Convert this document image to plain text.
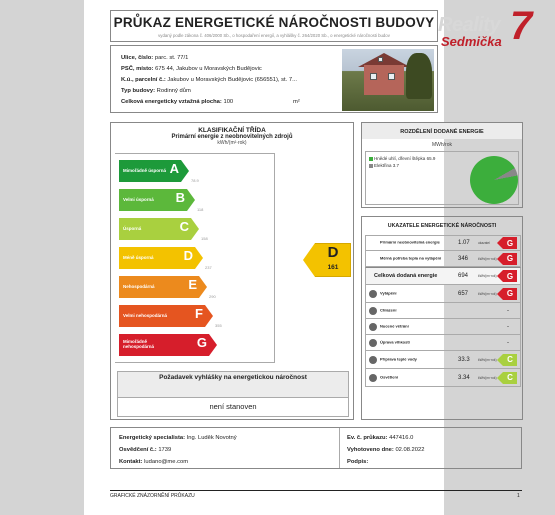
PRŮKAZ ENERGETICKÉ NÁROČNOSTI BUDOVY
vydaný podle zákona č. 406/2000 Sb., o hospodaření energií, a vyhlášky č. 264/2020 Sb., o energetické náročnosti budov
Ulice, číslo: parc. st. 77/1
PSČ, místo: 675 44, Jakubov u Moravských Budějovic
K.ú., parcelní č.: Jakubov u Moravských Budějovic (656551), st. 7...
Typ budovy: Rodinný dům
Celková energeticky vztažná plocha: 100	m²
KLASIFIKAČNÍ TŘÍDA
Primární energie z neobnovitelných zdrojů
kWh/(m²·rok)
Mimořádně úsporná A
78.9
Velmi úsporná	B
118
Úsporná	C
158
Méně úsporná	D
237
Nehospodárná	E
290
Velmi nehospodárná F
355
Mimořádně nehospodárná	G
D
161
Požadavek vyhlášky na energetickou náročnost
není stanoven
ROZDĚLENÍ DODANÉ ENERGIE
MWh/rok
Hnědé uhlí, dřevní štěpka
65.9
Elektřina
3.7
UKAZATELE ENERGETICKÉ NÁROČNOSTI
Primární neobnovitelná energie	1.07	ukazatel	G
Měrná potřeba tepla na vytápění	346	kWh/(m²·rok)	G
Celková dodaná energie	694	kWh/(m²·rok)	G
Vytápění	657	kWh/(m²·rok)	G
Chlazení	-
Nucené větrání	-
Úprava vlhkosti	-
Příprava teplé vody	33.3	kWh/(m²·rok)	C
Osvětlení	3.34	kWh/(m²·rok)	C
Energetický specialista: Ing. Luděk Novotný
Osvědčení č.: 1739
Kontakt: ludano@me.com
Ev. č. průkazu: 447416.0
Vyhotoveno dne: 02.08.2022
Podpis:
GRAFICKÉ ZNÁZORNĚNÍ PRŮKAZU	1
Reality
Sedmička 7
